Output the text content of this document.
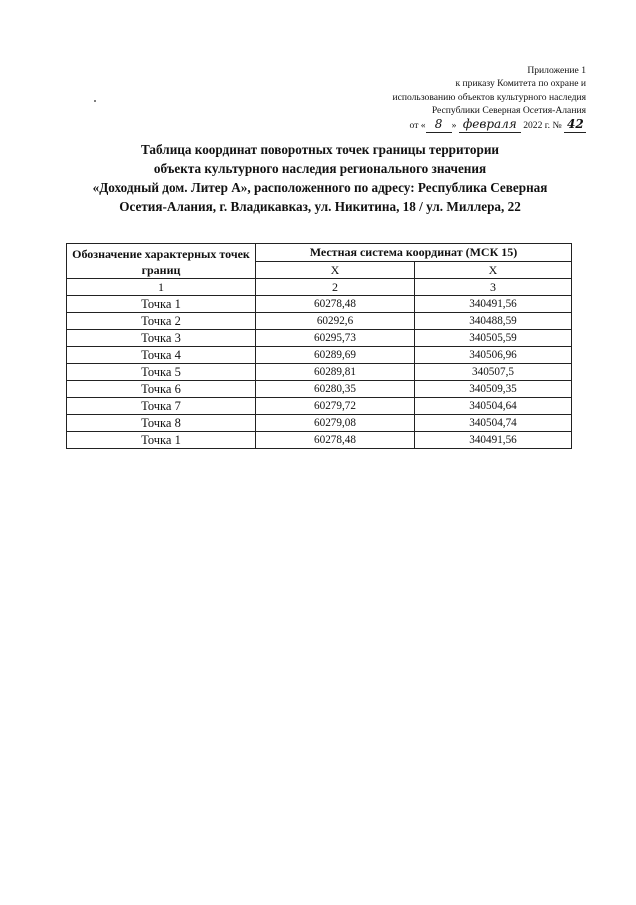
Приложение 1
к приказу Комитета по охране и
использованию объектов культурного наследия
Республики Северная Осетия-Алания
от « 8 » февраля 2022 г. № 42
Таблица координат поворотных точек границы территории
объекта культурного наследия регионального значения
«Доходный дом. Литер А», расположенного по адресу: Республика Северная
Осетия-Алания, г. Владикавказ, ул. Никитина, 18 / ул. Миллера, 22
Обозначение характерных точек границ	Местная система координат (МСК 15)	
	X	Х
1	2	3
Точка 1	60278,48	340491,56
Точка 2	60292,6	340488,59
Точка 3	60295,73	340505,59
Точка 4	60289,69	340506,96
Точка 5	60289,81	340507,5
Точка 6	60280,35	340509,35
Точка 7	60279,72	340504,64
Точка 8	60279,08	340504,74
Точка 1	60278,48	340491,56
